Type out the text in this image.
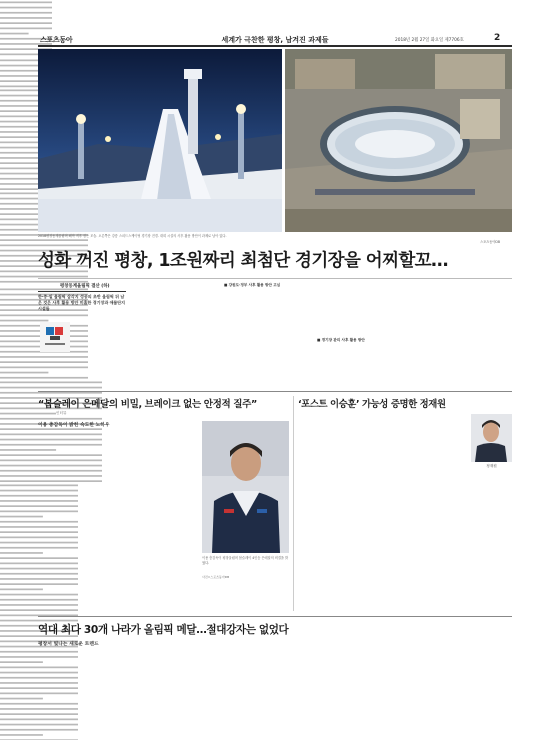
스포츠동아	세계가 극찬한 평창, 남겨진 과제들	2018년 2월 27일 화요일 제7706호	2
2018평창동계올림픽 폐막 직후 잠든 모습. 오른쪽은 강릉 스피드스케이팅 경기장 전경. 대회 시설의 사후 활용 방안이 과제로 남아 있다.
스포츠동아DB
성화 꺼진 평창, 1조원짜리 최첨단 경기장을 어찌할꼬…
평창동계올림픽 결산 (하)
한·중·일 올림픽 삼각지 성공의 초반 올림픽 뒤 남은 것은 사후 활용 방안 미흡한 경기장과 애물단지 시설들
■ 강원도·정부 사후 활용 방안 고심
■ 경기장 관리 사후 활용 방안
“봅슬레이 은메달의 비밀, 브레이크 없는 안정적 질주”
인터뷰
이용 총감독이 밝힌 숙도한 노하우
이용 총감독이 평창올림픽 봅슬레이 4인승 은메달의 비결을 밝혔다.
사진=스포츠동아DB
‘포스트 이승훈’ 가능성 증명한 정재원
정재원
역대 최다 30개 나라가 올림픽 메달…절대강자는 없었다
평창서 빛나는 새로운 트렌드
